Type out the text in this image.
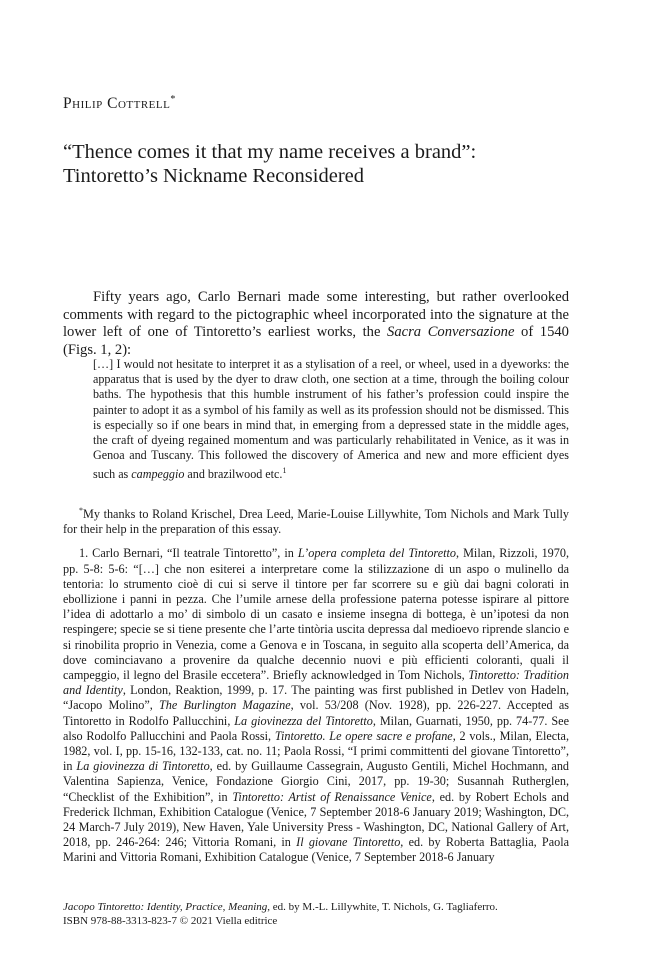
Philip Cottrell*
“Thence comes it that my name receives a brand”:
Tintoretto’s Nickname Reconsidered

Fifty years ago, Carlo Bernari made some interesting, but rather overlooked comments with regard to the pictographic wheel incorporated into the signature at the lower left of one of Tintoretto’s earliest works, the Sacra Conversazione of 1540 (Figs. 1, 2):

[…] I would not hesitate to interpret it as a stylisation of a reel, or wheel, used in a dyeworks: the apparatus that is used by the dyer to draw cloth, one section at a time, through the boiling colour baths. The hypothesis that this humble instrument of his father’s profession could inspire the painter to adopt it as a symbol of his family as well as its profession should not be dismissed. This is especially so if one bears in mind that, in emerging from a depressed state in the middle ages, the craft of dyeing regained momentum and was particularly rehabilitated in Venice, as it was in Genoa and Tuscany. This followed the discovery of America and new and more efficient dyes such as campeggio and brazilwood etc.$^1$

*My thanks to Roland Krischel, Drea Leed, Marie-Louise Lillywhite, Tom Nichols and Mark Tully for their help in the preparation of this essay.

1. Carlo Bernari, “Il teatrale Tintoretto”, in L’opera completa del Tintoretto, Milan, Rizzoli, 1970, pp. 5-8: 5-6: “[…] che non esiterei a interpretare come la stilizzazione di un aspo o mulinello da tentoria: lo strumento cioè di cui si serve il tintore per far scorrere su e giù dai bagni colorati in ebollizione i panni in pezza. Che l’umile arnese della professione paterna potesse ispirare al pittore l’idea di adottarlo a mo’ di simbolo di un casato e insieme insegna di bottega, è un’ipotesi da non respingere; specie se si tiene presente che l’arte tintòria uscita depressa dal medioevo riprende slancio e si rinobilita proprio in Venezia, come a Genova e in Toscana, in seguito alla scoperta dell’America, da dove cominciavano a provenire da qualche decennio nuovi e più efficienti coloranti, quali il campeggio, il legno del Brasile eccetera”. Briefly acknowledged in Tom Nichols, Tintoretto: Tradition and Identity, London, Reaktion, 1999, p. 17. The painting was first published in Detlev von Hadeln, “Jacopo Molino”, The Burlington Magazine, vol. 53/208 (Nov. 1928), pp. 226-227. Accepted as Tintoretto in Rodolfo Pallucchini, La giovinezza del Tintoretto, Milan, Guarnati, 1950, pp. 74-77. See also Rodolfo Pallucchini and Paola Rossi, Tintoretto. Le opere sacre e profane, 2 vols., Milan, Electa, 1982, vol. I, pp. 15-16, 132-133, cat. no. 11; Paola Rossi, “I primi committenti del giovane Tintoretto”, in La giovinezza di Tintoretto, ed. by Guillaume Cassegrain, Augusto Gentili, Michel Hochmann, and Valentina Sapienza, Venice, Fondazione Giorgio Cini, 2017, pp. 19-30; Susannah Rutherglen, “Checklist of the Exhibition”, in Tintoretto: Artist of Renaissance Venice, ed. by Robert Echols and Frederick Ilchman, Exhibition Catalogue (Venice, 7 September 2018-6 January 2019; Washington, DC, 24 March-7 July 2019), New Haven, Yale University Press - Washington, DC, National Gallery of Art, 2018, pp. 246-264: 246; Vittoria Romani, in Il giovane Tintoretto, ed. by Roberta Battaglia, Paola Marini and Vittoria Romani, Exhibition Catalogue (Venice, 7 September 2018-6 January

Jacopo Tintoretto: Identity, Practice, Meaning, ed. by M.-L. Lillywhite, T. Nichols, G. Tagliaferro.
ISBN 978-88-3313-823-7 © 2021 Viella editrice
